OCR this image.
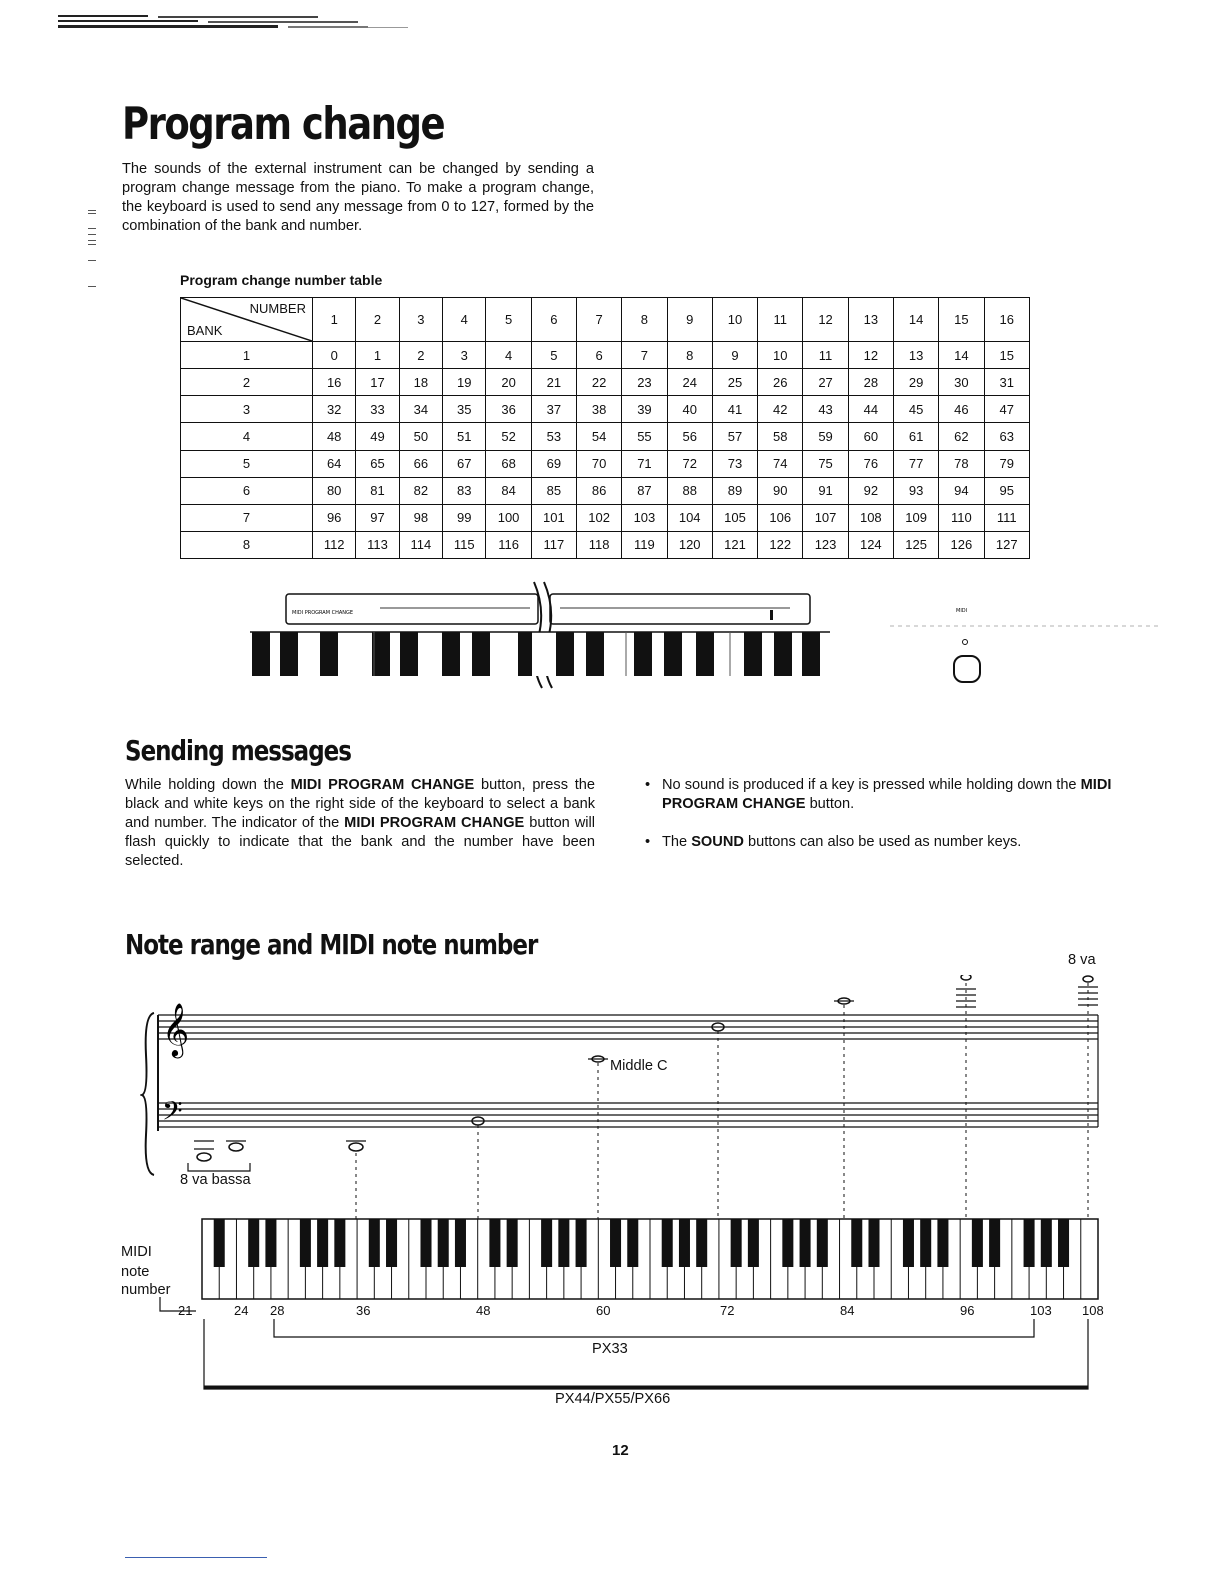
Program change

The sounds of the external instrument can be changed by sending a program change message from the piano. To make a program change, the keyboard is used to send any message from 0 to 127, formed by the combination of the bank and number.

Program change number table
NUMBER
BANK	1	2	3	4	5	6	7	8	9	10	11	12	13	14	15	16
1	0	1	2	3	4	5	6	7	8	9	10	11	12	13	14	15
2	16	17	18	19	20	21	22	23	24	25	26	27	28	29	30	31
3	32	33	34	35	36	37	38	39	40	41	42	43	44	45	46	47
4	48	49	50	51	52	53	54	55	56	57	58	59	60	61	62	63
5	64	65	66	67	68	69	70	71	72	73	74	75	76	77	78	79
6	80	81	82	83	84	85	86	87	88	89	90	91	92	93	94	95
7	96	97	98	99	100	101	102	103	104	105	106	107	108	109	110	111
8	112	113	114	115	116	117	118	119	120	121	122	123	124	125	126	127
MIDI PROGRAM CHANGE	MIDI
Sending messages

While holding down the MIDI PROGRAM CHANGE button, press the black and white keys on the right side of the keyboard to select a bank and number. The indicator of the MIDI PROGRAM CHANGE button will flash quickly to indicate that the bank and the number have been selected.

• No sound is produced if a key is pressed while holding down the MIDI PROGRAM CHANGE button.
• The SOUND buttons can also be used as number keys.
Note range and MIDI note number
𝄞
𝄢
8 va
8 va bassa
Middle C
MIDI
note
number
21	24 28	36	48	60	72	84	96	103 108
PX33
PX44/PX55/PX66
12
